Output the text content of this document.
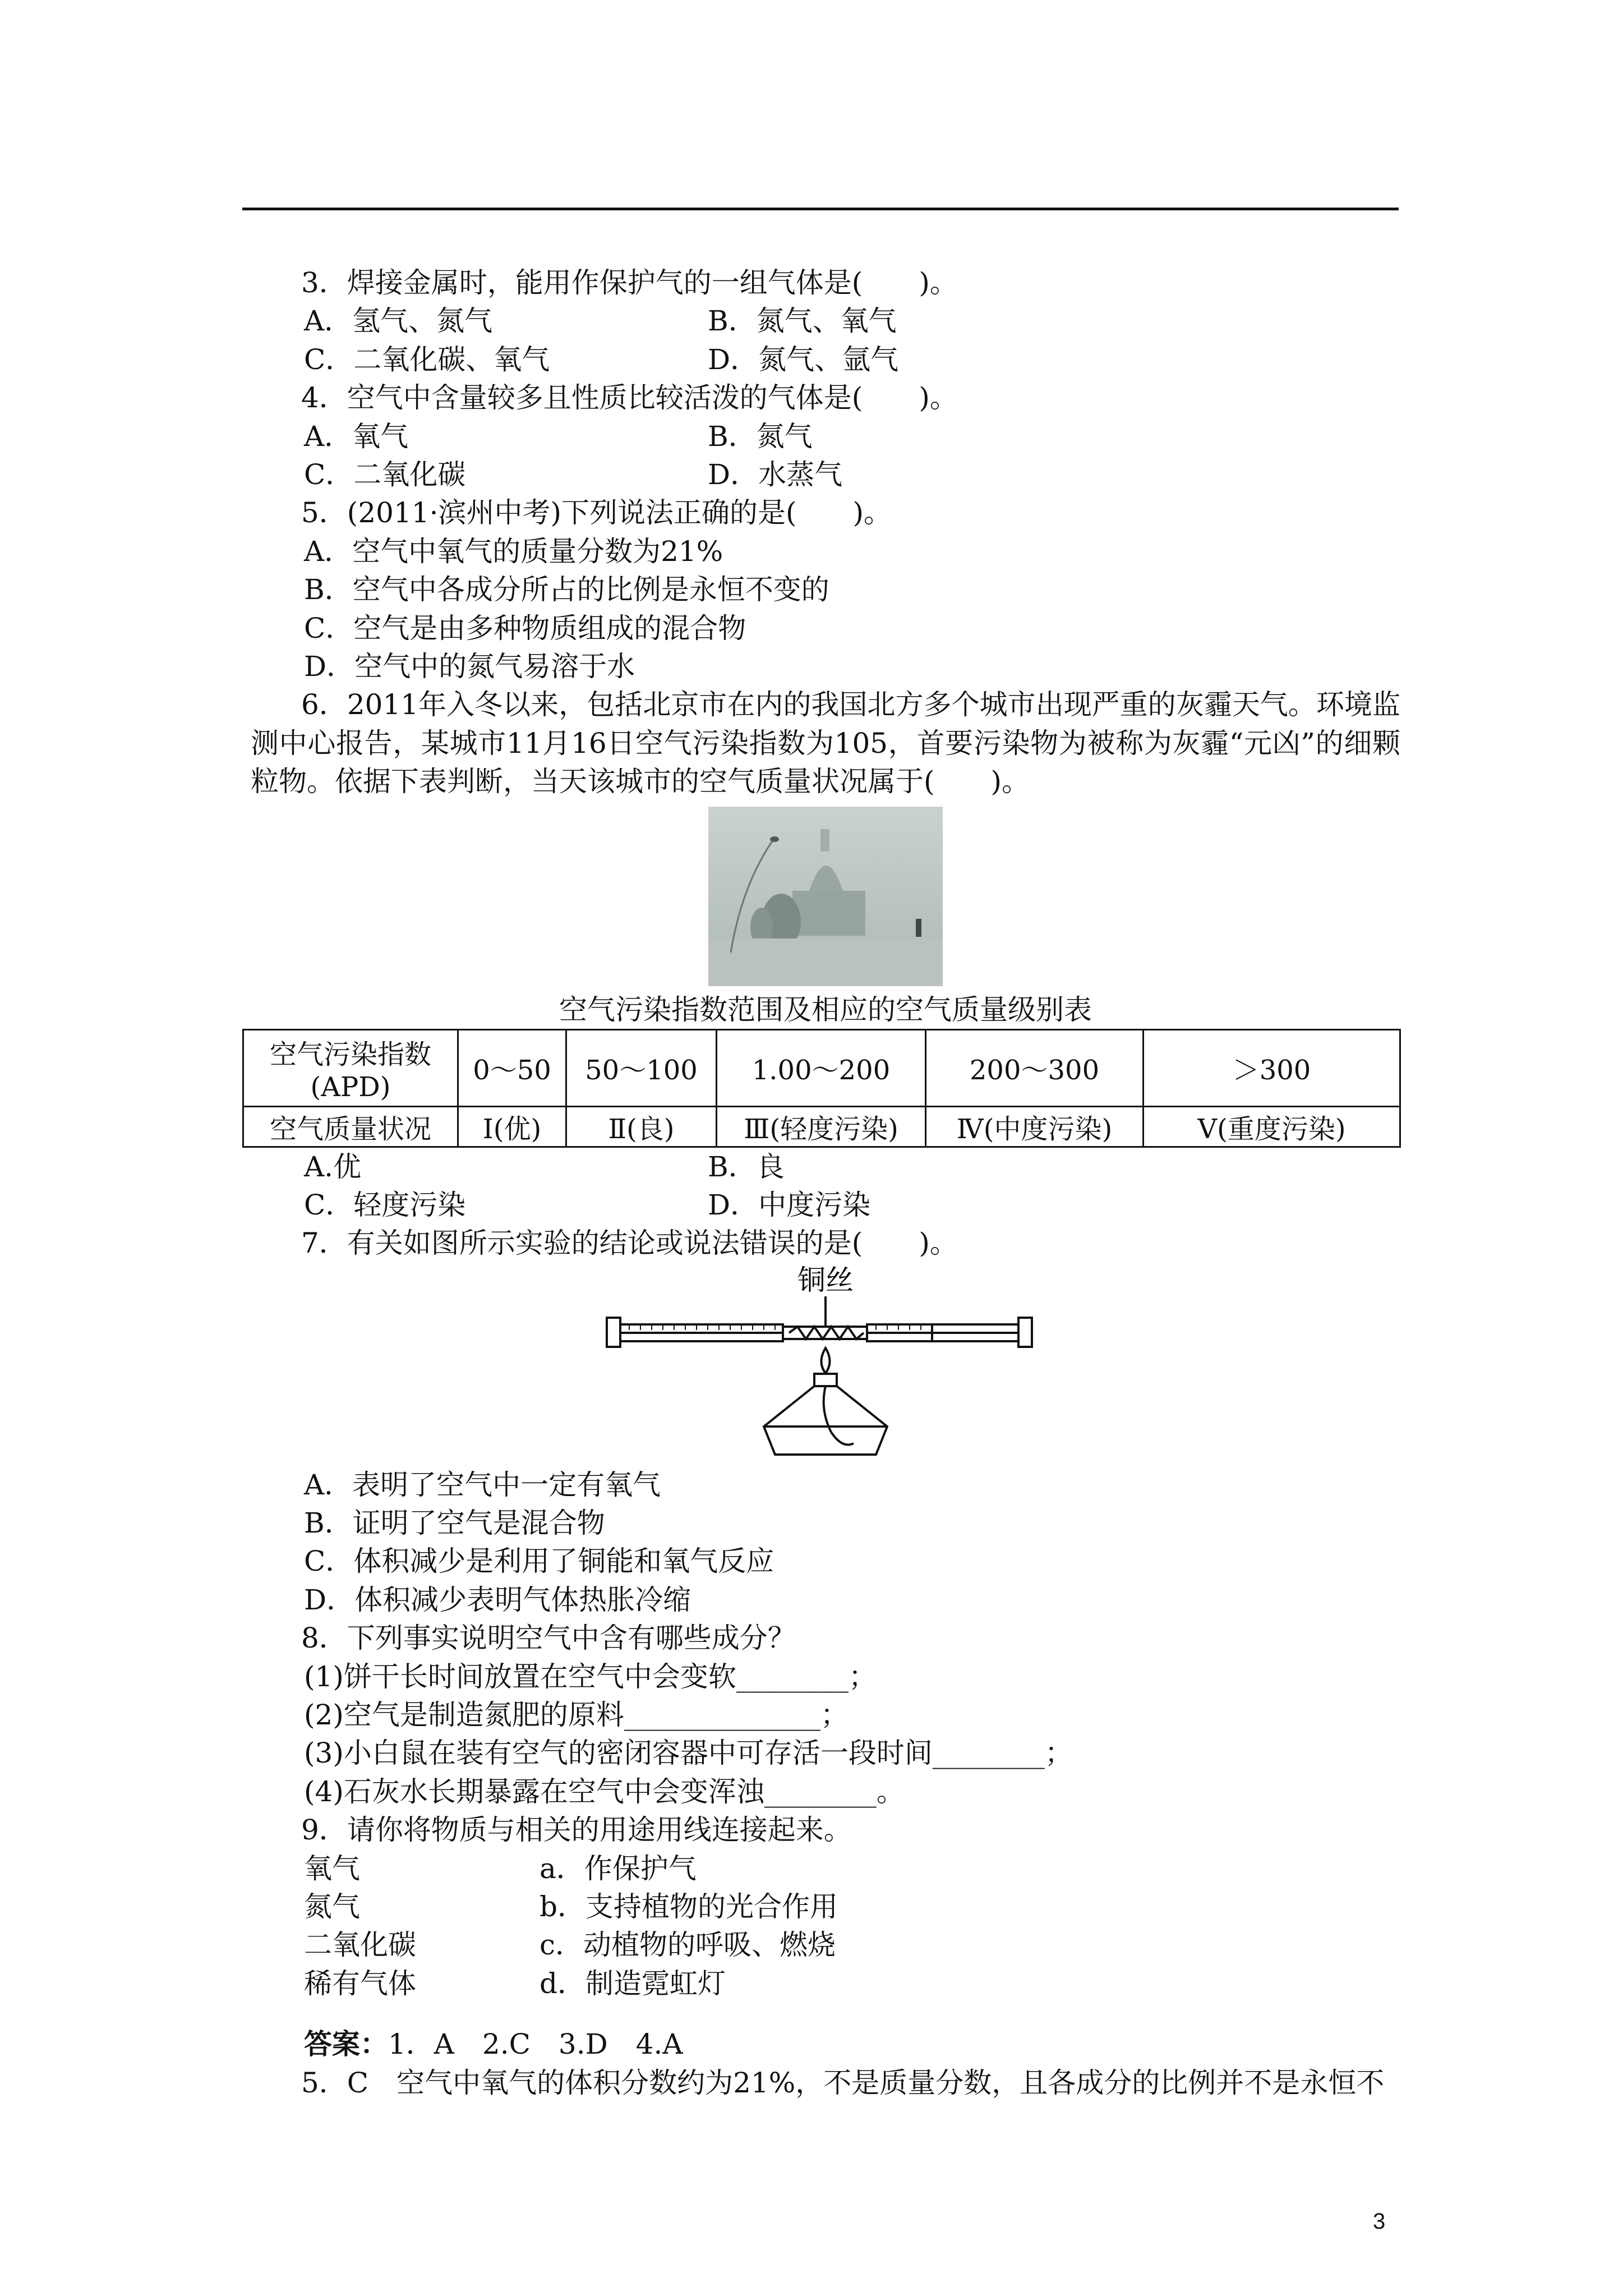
3．焊接金属时，能用作保护气的一组气体是(　　)。
A．氢气、氮气	B．氮气、氧气
C．二氧化碳、氧气	D．氮气、氩气
4．空气中含量较多且性质比较活泼的气体是(　　)。
A．氧气	B．氮气
C．二氧化碳	D．水蒸气
5．(2011·滨州中考)下列说法正确的是(　　)。
A．空气中氧气的质量分数为21%
B．空气中各成分所占的比例是永恒不变的
C．空气是由多种物质组成的混合物
D．空气中的氮气易溶于水
6．2011年入冬以来，包括北京市在内的我国北方多个城市出现严重的灰霾天气。环境监测中心报告，某城市11月16日空气污染指数为105，首要污染物为被称为灰霾“元凶”的细颗粒物。依据下表判断，当天该城市的空气质量状况属于(　　)。
空气污染指数范围及相应的空气质量级别表
空气污染指数
(APD)	0～50	50～100	1.00～200	200～300	＞300
空气质量状况	Ⅰ(优)	Ⅱ(良)	Ⅲ(轻度污染)	Ⅳ(中度污染)	Ⅴ(重度污染)
A.优	B．良
C．轻度污染	D．中度污染
7．有关如图所示实验的结论或说法错误的是(　　)。
铜丝
A．表明了空气中一定有氧气
B．证明了空气是混合物
C．体积减少是利用了铜能和氧气反应
D．体积减少表明气体热胀冷缩
8．下列事实说明空气中含有哪些成分？
(1)饼干长时间放置在空气中会变软________；
(2)空气是制造氮肥的原料______________；
(3)小白鼠在装有空气的密闭容器中可存活一段时间________；
(4)石灰水长期暴露在空气中会变浑浊________。
9．请你将物质与相关的用途用线连接起来。
氧气	a．作保护气
氮气	b．支持植物的光合作用
二氧化碳	c．动植物的呼吸、燃烧
稀有气体	d．制造霓虹灯
答案：1．A　2.C　3.D　4.A
5．C　空气中氧气的体积分数约为21%，不是质量分数，且各成分的比例并不是永恒不
3
